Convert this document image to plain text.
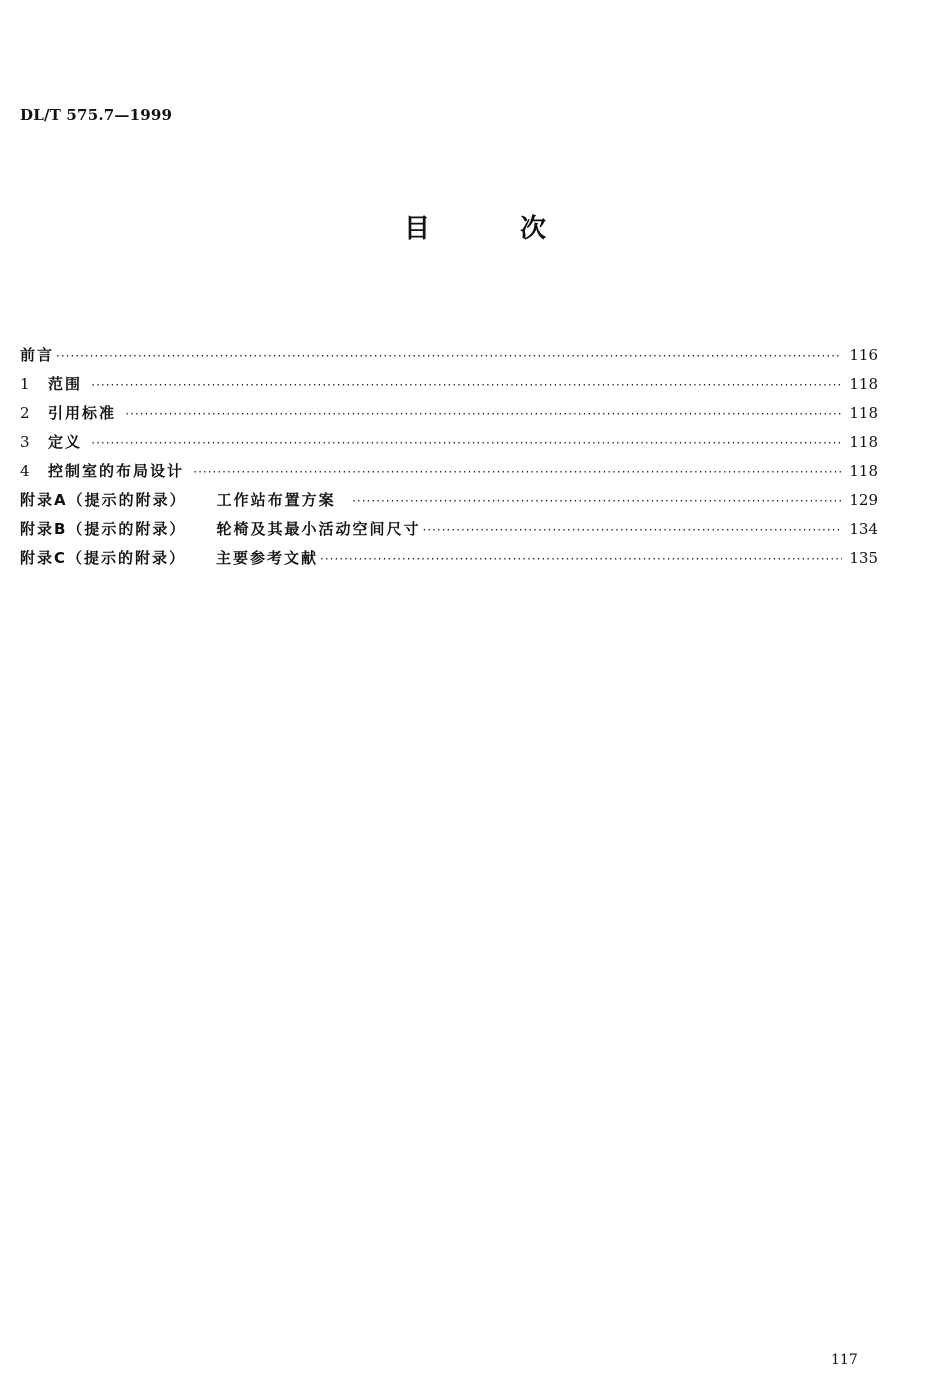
DL/T 575.7—1999
目	次
前言 ·····	116
1 范围 ·····	118
2 引用标准 ·····	118
3 定义 ·····	118
4 控制室的布局设计 ·····	118
附录A（提示的附录） 工作站布置方案 ·····	129
附录B（提示的附录） 轮椅及其最小活动空间尺寸 ·····	134
附录C（提示的附录） 主要参考文献 ·····	135
117
